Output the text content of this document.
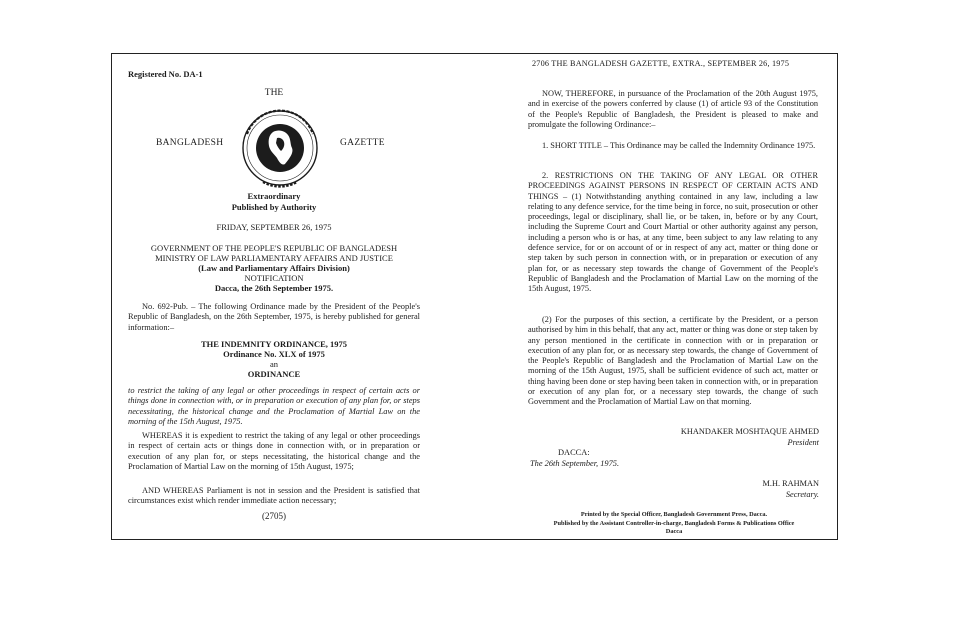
Registered No. DA-1
THE
BANGLADESH	GAZETTE
Extraordinary
Published by Authority
FRIDAY, SEPTEMBER 26, 1975
GOVERNMENT OF THE PEOPLE'S REPUBLIC OF BANGLADESH
MINISTRY OF LAW PARLIAMENTARY AFFAIRS AND JUSTICE
(Law and Parliamentary Affairs Division)
NOTIFICATION
Dacca, the 26th September 1975.
No. 692-Pub. – The following Ordinance made by the President of the People's Republic of Bangladesh, on the 26th September, 1975, is hereby published for general information:–
THE INDEMNITY ORDINANCE, 1975
Ordinance No. XLX of 1975
an
ORDINANCE
to restrict the taking of any legal or other proceedings in respect of certain acts or things done in connection with, or in preparation or execution of any plan for, or steps necessitating, the historical change and the Proclamation of Martial Law on the morning of the 15th August, 1975.
WHEREAS it is expedient to restrict the taking of any legal or other proceedings in respect of certain acts or things done in connection with, or in preparation or execution of any plan for, or steps necessitating, the historical change and the Proclamation of Martial Law on the morning of 15th August, 1975;
AND WHEREAS Parliament is not in session and the President is satisfied that circumstances exist which render immediate action necessary;
(2705)
2706 THE BANGLADESH GAZETTE, EXTRA., SEPTEMBER 26, 1975
NOW, THEREFORE, in pursuance of the Proclamation of the 20th August 1975, and in exercise of the powers conferred by clause (1) of article 93 of the Constitution of the People's Republic of Bangladesh, the President is pleased to make and promulgate the following Ordinance:–
1. SHORT TITLE – This Ordinance may be called the Indemnity Ordinance 1975.
2. RESTRICTIONS ON THE TAKING OF ANY LEGAL OR OTHER PROCEEDINGS AGAINST PERSONS IN RESPECT OF CERTAIN ACTS AND THINGS – (1) Notwithstanding anything contained in any law, including a law relating to any defence service, for the time being in force, no suit, prosecution or other proceedings, legal or disciplinary, shall lie, or be taken, in, before or by any Court, including the Supreme Court and Court Martial or other authority against any person, including a person who is or has, at any time, been subject to any law relating to any defence service, for or on account of or in respect of any act, matter or thing done or step taken by such person in connection with, or in preparation or execution of any plan for, or as necessary step towards the change of Government of the People's Republic of Bangladesh and the Proclamation of Martial Law on the morning of the 15th August, 1975.
(2) For the purposes of this section, a certificate by the President, or a person authorised by him in this behalf, that any act, matter or thing was done or step taken by any person mentioned in the certificate in connection with or in preparation or execution of any plan for, or as necessary step towards, the change of Government of the People's Republic of Bangladesh and the Proclamation of Martial Law on the morning of the 15th August, 1975, shall be sufficient evidence of such act, matter or thing having been done or step having been taken in connection with, or in preparation or execution of any plan for, or a necessary step towards, the change of such Government and the Proclamation of Martial Law on that morning.
KHANDAKER MOSHTAQUE AHMED
President
DACCA:
The 26th September, 1975.
M.H. RAHMAN
Secretary.
Printed by the Special Officer, Bangladesh Government Press, Dacca.
Published by the Assistant Controller-in-charge, Bangladesh Forms & Publications Office
Dacca
